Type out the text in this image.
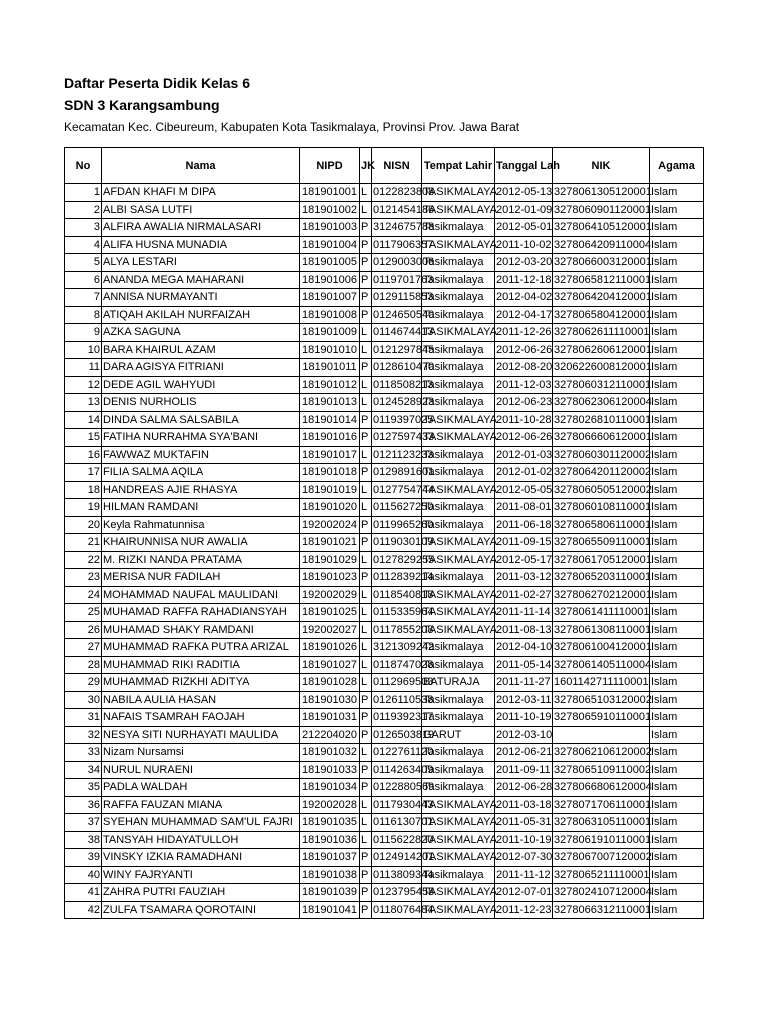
Daftar Peserta Didik Kelas 6
SDN 3 Karangsambung
Kecamatan Kec. Cibeureum, Kabupaten Kota Tasikmalaya, Provinsi Prov. Jawa Barat
No	Nama	NIPD	JK	NISN	Tempat Lahir	Tanggal Lah	NIK	Agama
1	AFDAN KHAFI M DIPA	181901001	L	0122823808	TASIKMALAYA	2012-05-13	3278061305120001	Islam
2	ALBI SASA LUTFI	181901002	L	0121454186	TASIKMALAYA	2012-01-09	3278060901120001	Islam
3	ALFIRA AWALIA NIRMALASARI	181901003	P	3124675788	Tasikmalaya	2012-05-01	3278064105120001	Islam
4	ALIFA HUSNA MUNADIA	181901004	P	0117906357	TASIKMALAYA	2011-10-02	3278064209110004	Islam
5	ALYA LESTARI	181901005	P	0129003006	Tasikmalaya	2012-03-20	3278066003120001	Islam
6	ANANDA MEGA MAHARANI	181901006	P	0119701763	Tasikmalaya	2011-12-18	3278065812110001	Islam
7	ANNISA NURMAYANTI	181901007	P	0129115853	Tasikmalaya	2012-04-02	3278064204120001	Islam
8	ATIQAH AKILAH NURFAIZAH	181901008	P	0124650540	Tasikmalaya	2012-04-17	3278065804120001	Islam
9	AZKA SAGUNA	181901009	L	0114674413	TASIKMALAYA	2011-12-26	3278062611110001	Islam
10	BARA KHAIRUL AZAM	181901010	L	0121297845	Tasikmalaya	2012-06-26	3278062606120001	Islam
11	DARA AGISYA FITRIANI	181901011	P	0128610470	Tasikmalaya	2012-08-20	3206226008120001	Islam
12	DEDE AGIL WAHYUDI	181901012	L	0118508213	Tasikmalaya	2011-12-03	3278060312110001	Islam
13	DENIS NURHOLIS	181901013	L	0124528923	Tasikmalaya	2012-06-23	3278062306120004	Islam
14	DINDA SALMA SALSABILA	181901014	P	0119397025	TASIKMALAYA	2011-10-28	3278026810110001	Islam
15	FATIHA NURRAHMA SYA'BANI	181901016	P	0127597433	TASIKMALAYA	2012-06-26	3278066606120001	Islam
16	FAWWAZ MUKTAFIN	181901017	L	0121123233	Tasikmalaya	2012-01-03	3278060301120002	Islam
17	FILIA SALMA AQILA	181901018	P	0129891601	Tasikmalaya	2012-01-02	3278064201120002	Islam
18	HANDREAS AJIE RHASYA	181901019	L	0127754744	TASIKMALAYA	2012-05-05	3278060505120002	Islam
19	HILMAN RAMDANI	181901020	L	0115627250	Tasikmalaya	2011-08-01	3278060108110001	Islam
20	Keyla Rahmatunnisa	192002024	P	0119965260	Tasikmalaya	2011-06-18	3278065806110001	Islam
21	KHAIRUNNISA NUR AWALIA	181901021	P	0119030109	TASIKMALAYA	2011-09-15	3278065509110001	Islam
22	M. RIZKI NANDA PRATAMA	181901029	L	0127829255	TASIKMALAYA	2012-05-17	3278061705120001	Islam
23	MERISA NUR FADILAH	181901023	P	0112839214	Tasikmalaya	2011-03-12	3278065203110001	Islam
24	MOHAMMAD NAUFAL MAULIDANI	192002029	L	0118540818	TASIKMALAYA	2011-02-27	3278062702120001	Islam
25	MUHAMAD RAFFA RAHADIANSYAH	181901025	L	0115335964	TASIKMALAYA	2011-11-14	3278061411110001	Islam
26	MUHAMAD SHAKY RAMDANI	192002027	L	0117855208	TASIKMALAYA	2011-08-13	3278061308110001	Islam
27	MUHAMMAD RAFKA PUTRA ARIZAL	181901026	L	3121309242	Tasikmalaya	2012-04-10	3278061004120001	Islam
28	MUHAMMAD RIKI RADITIA	181901027	L	0118747028	Tasikmalaya	2011-05-14	3278061405110004	Islam
29	MUHAMMAD RIZKHI ADITYA	181901028	L	0112969503	BATURAJA	2011-11-27	1601142711110001	Islam
30	NABILA AULIA HASAN	181901030	P	0126110538	Tasikmalaya	2012-03-11	3278065103120002	Islam
31	NAFAIS TSAMRAH FAOJAH	181901031	P	0119392317	Tasikmalaya	2011-10-19	3278065910110001	Islam
32	NESYA SITI NURHAYATI MAULIDA	212204020	P	0126503819	GARUT	2012-03-10		Islam
33	Nizam Nursamsi	181901032	L	0122761120	Tasikmalaya	2012-06-21	3278062106120002	Islam
34	NURUL NURAENI	181901033	P	0114263409	Tasikmalaya	2011-09-11	3278065109110002	Islam
35	PADLA WALDAH	181901034	P	0122880569	Tasikmalaya	2012-06-28	3278066806120004	Islam
36	RAFFA FAUZAN MIANA	192002028	L	0117930443	TASIKMALAYA	2011-03-18	3278071706110001	Islam
37	SYEHAN MUHAMMAD SAM'UL FAJRI	181901035	L	0116130701	TASIKMALAYA	2011-05-31	3278063105110001	Islam
38	TANSYAH HIDAYATULLOH	181901036	L	0115622820	TASIKMALAYA	2011-10-19	3278061910110001	Islam
39	VINSKY IZKIA RAMADHANI	181901037	P	0124914201	TASIKMALAYA	2012-07-30	3278067007120002	Islam
40	WINY FAJRYANTI	181901038	P	0113809344	Tasikmalaya	2011-11-12	3278065211110001	Islam
41	ZAHRA PUTRI FAUZIAH	181901039	P	0123795458	TASIKMALAYA	2012-07-01	3278024107120004	Islam
42	ZULFA TSAMARA QOROTAINI	181901041	P	0118076484	TASIKMALAYA	2011-12-23	3278066312110001	Islam
